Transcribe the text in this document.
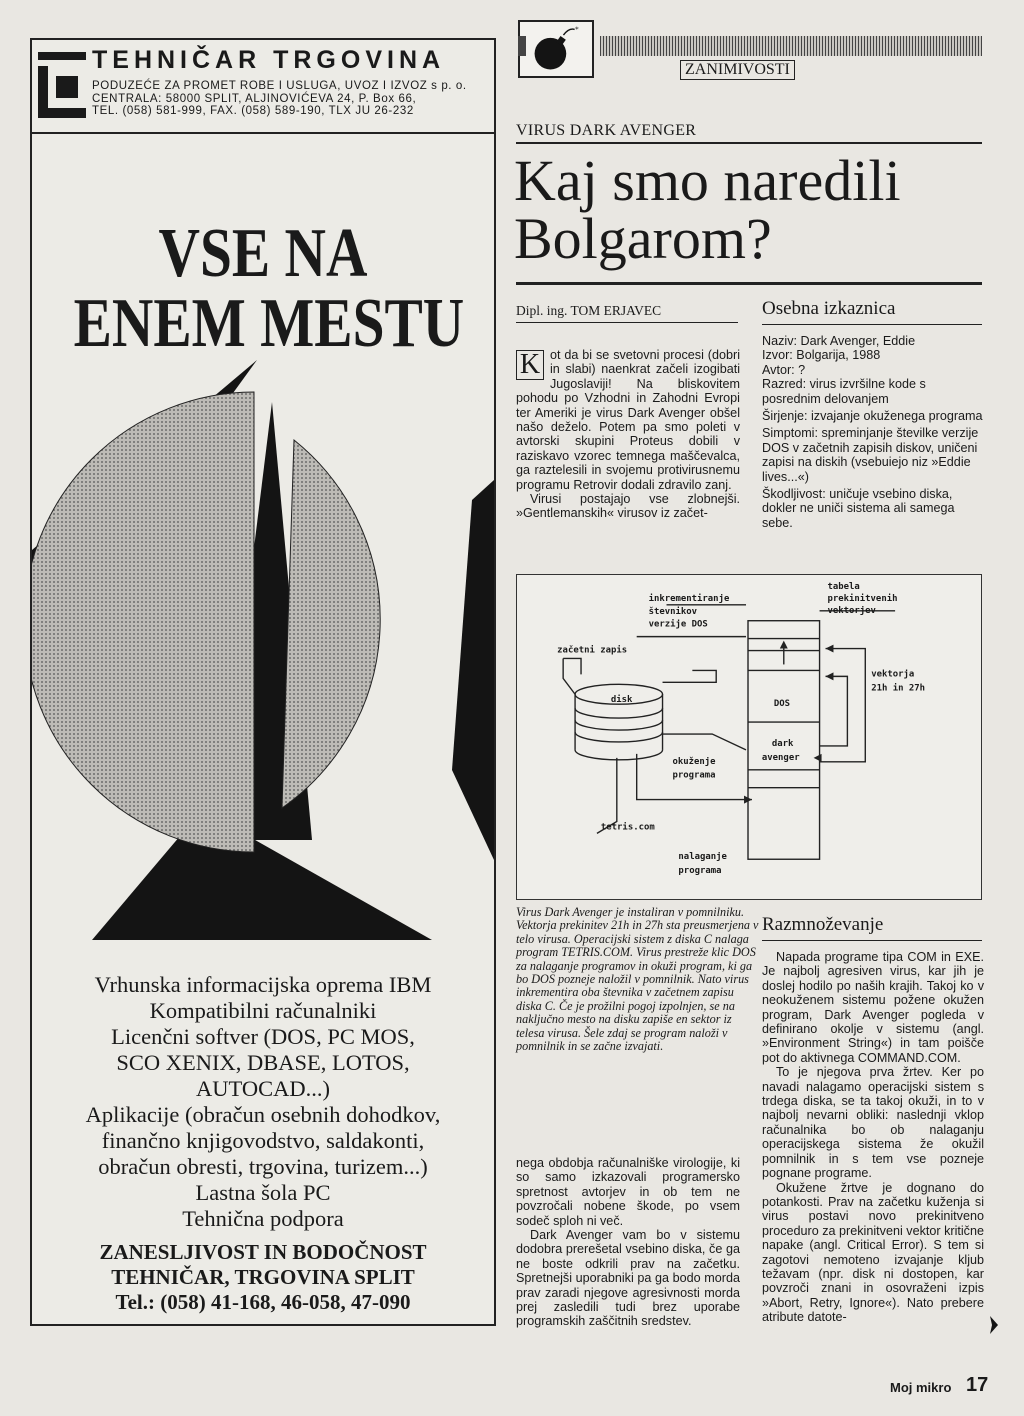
TEHNIČAR TRGOVINA
PODUZEĆE ZA PROMET ROBE I USLUGA, UVOZ I IZVOZ s p. o.
CENTRALA: 58000 SPLIT, ALJINOVIĆEVA 24, P. Box 66,
TEL. (058) 581-999, FAX. (058) 589-190, TLX JU 26-232
VSE NA
ENEM MESTU
Vrhunska informacijska oprema IBM
Kompatibilni računalniki
Licenčni softver (DOS, PC MOS,
SCO XENIX, DBASE, LOTOS,
AUTOCAD...)
Aplikacije (obračun osebnih dohodkov,
finančno knjigovodstvo, saldakonti,
obračun obresti, trgovina, turizem...)
Lastna šola PC
Tehnična podpora
ZANESLJIVOST IN BODOČNOST
TEHNIČAR, TRGOVINA SPLIT
Tel.: (058) 41-168, 46-058, 47-090
*
ZANIMIVOSTI
VIRUS DARK AVENGER
Kaj smo naredili
Bolgarom?
Dipl. ing. TOM ERJAVEC

K ot da bi se svetovni procesi (dobri in slabi) naenkrat začeli izogibati Jugoslaviji! Na bliskovitem pohodu po Vzhodni in Zahodni Evropi ter Ameriki je virus Dark Avenger obšel našo deželo. Potem pa smo poleti v avtorski skupini Proteus dobili v raziskavo vzorec temnega maščevalca, ga raztelesili in svojemu protivirusnemu programu Retrovir dodali zdravilo zanj.

Virusi postajajo vse zlobnejši. »Gentlemanskih« virusov iz začet-

Osebna izkaznica
Naziv: Dark Avenger, Eddie
Izvor: Bolgarija, 1988
Avtor: ?
Razred: virus izvršilne kode s posrednim delovanjem
Širjenje: izvajanje okuženega programa
Simptomi: spreminjanje številke verzije DOS v začetnih zapisih diskov, uničeni zapisi na diskih (vsebuiejo niz »Eddie lives...«)
Škodljivost: uničuje vsebino diska, dokler ne uniči sistema ali samega sebe.
inkrementiranje
števnikov
verzije DOS
tabela
prekinitvenih
vektorjev
začetni zapis
disk	DOS
dark
avenger
vektorja
21h in 27h
okuženje
programa
tetris.com
nalaganje
programa
Virus Dark Avenger je instaliran v pomnilniku. Vektorja prekinitev 21h in 27h sta preusmerjena v telo virusa. Operacijski sistem z diska C nalaga program TETRIS.COM. Virus prestreže klic DOS za nalaganje programov in okuži program, ki ga bo DOS pozneje naložil v pomnilnik. Nato virus inkrementira oba števnika v začetnem zapisu diska C. Če je prožilni pogoj izpolnjen, se na naključno mesto na disku zapiše en sektor iz telesa virusa. Šele zdaj se program naloži v pomnilnik in se začne izvajati.

nega obdobja računalniške virologije, ki so samo izkazovali programersko spretnost avtorjev in ob tem ne povzročali nobene škode, po vsem sodeč sploh ni več.

Dark Avenger vam bo v sistemu dodobra prerešetal vsebino diska, če ga ne boste odkrili prav na začetku. Spretnejši uporabniki pa ga bodo morda prav zaradi njegove agresivnosti morda prej zasledili tudi brez uporabe programskih zaščitnih sredstev.

Razmnoževanje

Napada programe tipa COM in EXE. Je najbolj agresiven virus, kar jih je doslej hodilo po naših krajih. Takoj ko v neokuženem sistemu požene okužen program, Dark Avenger pogleda v definirano okolje v sistemu (angl. »Environment String«) in tam poišče pot do aktivnega COMMAND.COM.

To je njegova prva žrtev. Ker po navadi nalagamo operacijski sistem s trdega diska, se ta takoj okuži, in to v najbolj nevarni obliki: naslednji vklop računalnika bo ob nalaganju operacijskega sistema že okužil pomnilnik in s tem vse pozneje pognane programe.

Okužene žrtve je dognano do potankosti. Prav na začetku kuženja si virus postavi novo prekinitveno proceduro za prekinitveni vektor kritične napake (angl. Critical Error). S tem si zagotovi nemoteno izvajanje kljub težavam (npr. disk ni dostopen, kar povzroči znani in osovraženi izpis »Abort, Retry, Ignore«). Nato prebere atribute datote-

Moj mikro 17
